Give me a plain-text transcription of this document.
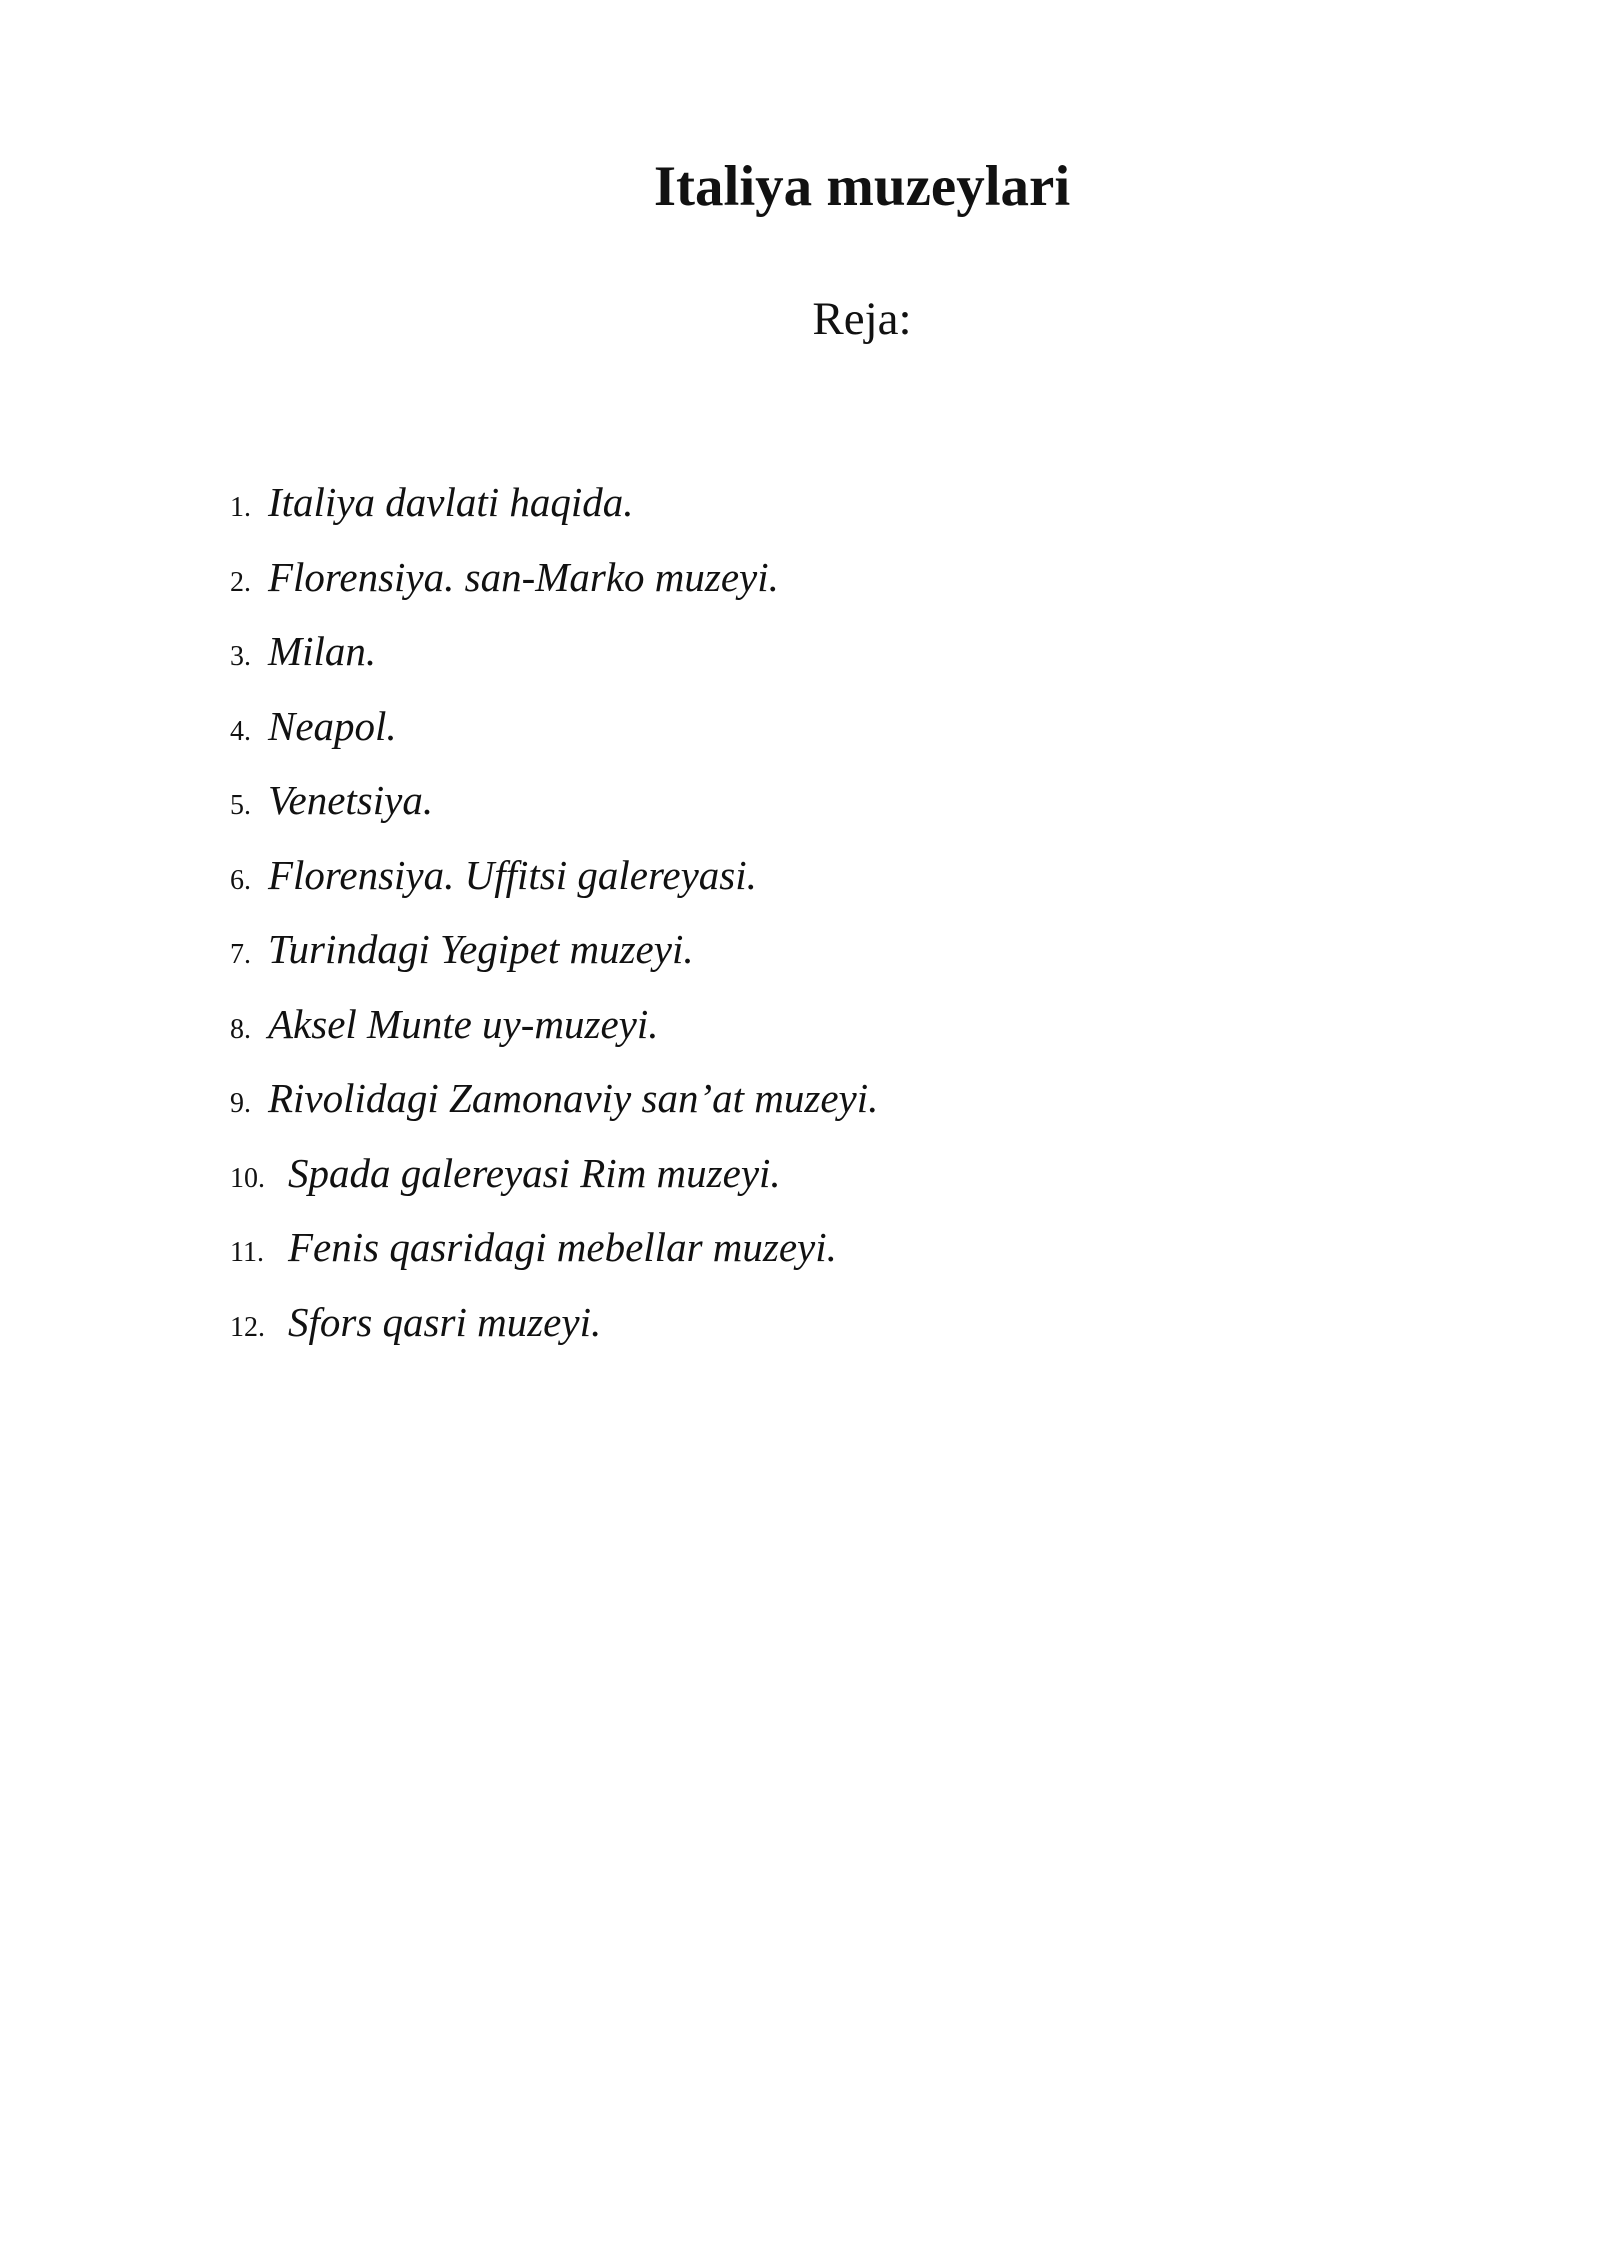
Italiya muzeylari
Reja:
1. Italiya davlati haqida.
2. Florensiya. san-Marko muzeyi.
3. Milan.
4. Neapol.
5. Venetsiya.
6. Florensiya. Uffitsi galereyasi.
7. Turindagi Yegipet muzeyi.
8. Aksel Munte uy-muzeyi.
9. Rivolidagi Zamonaviy san’at muzeyi.
10. Spada galereyasi Rim muzeyi.
11. Fenis qasridagi mebellar muzeyi.
12. Sfors qasri muzeyi.
